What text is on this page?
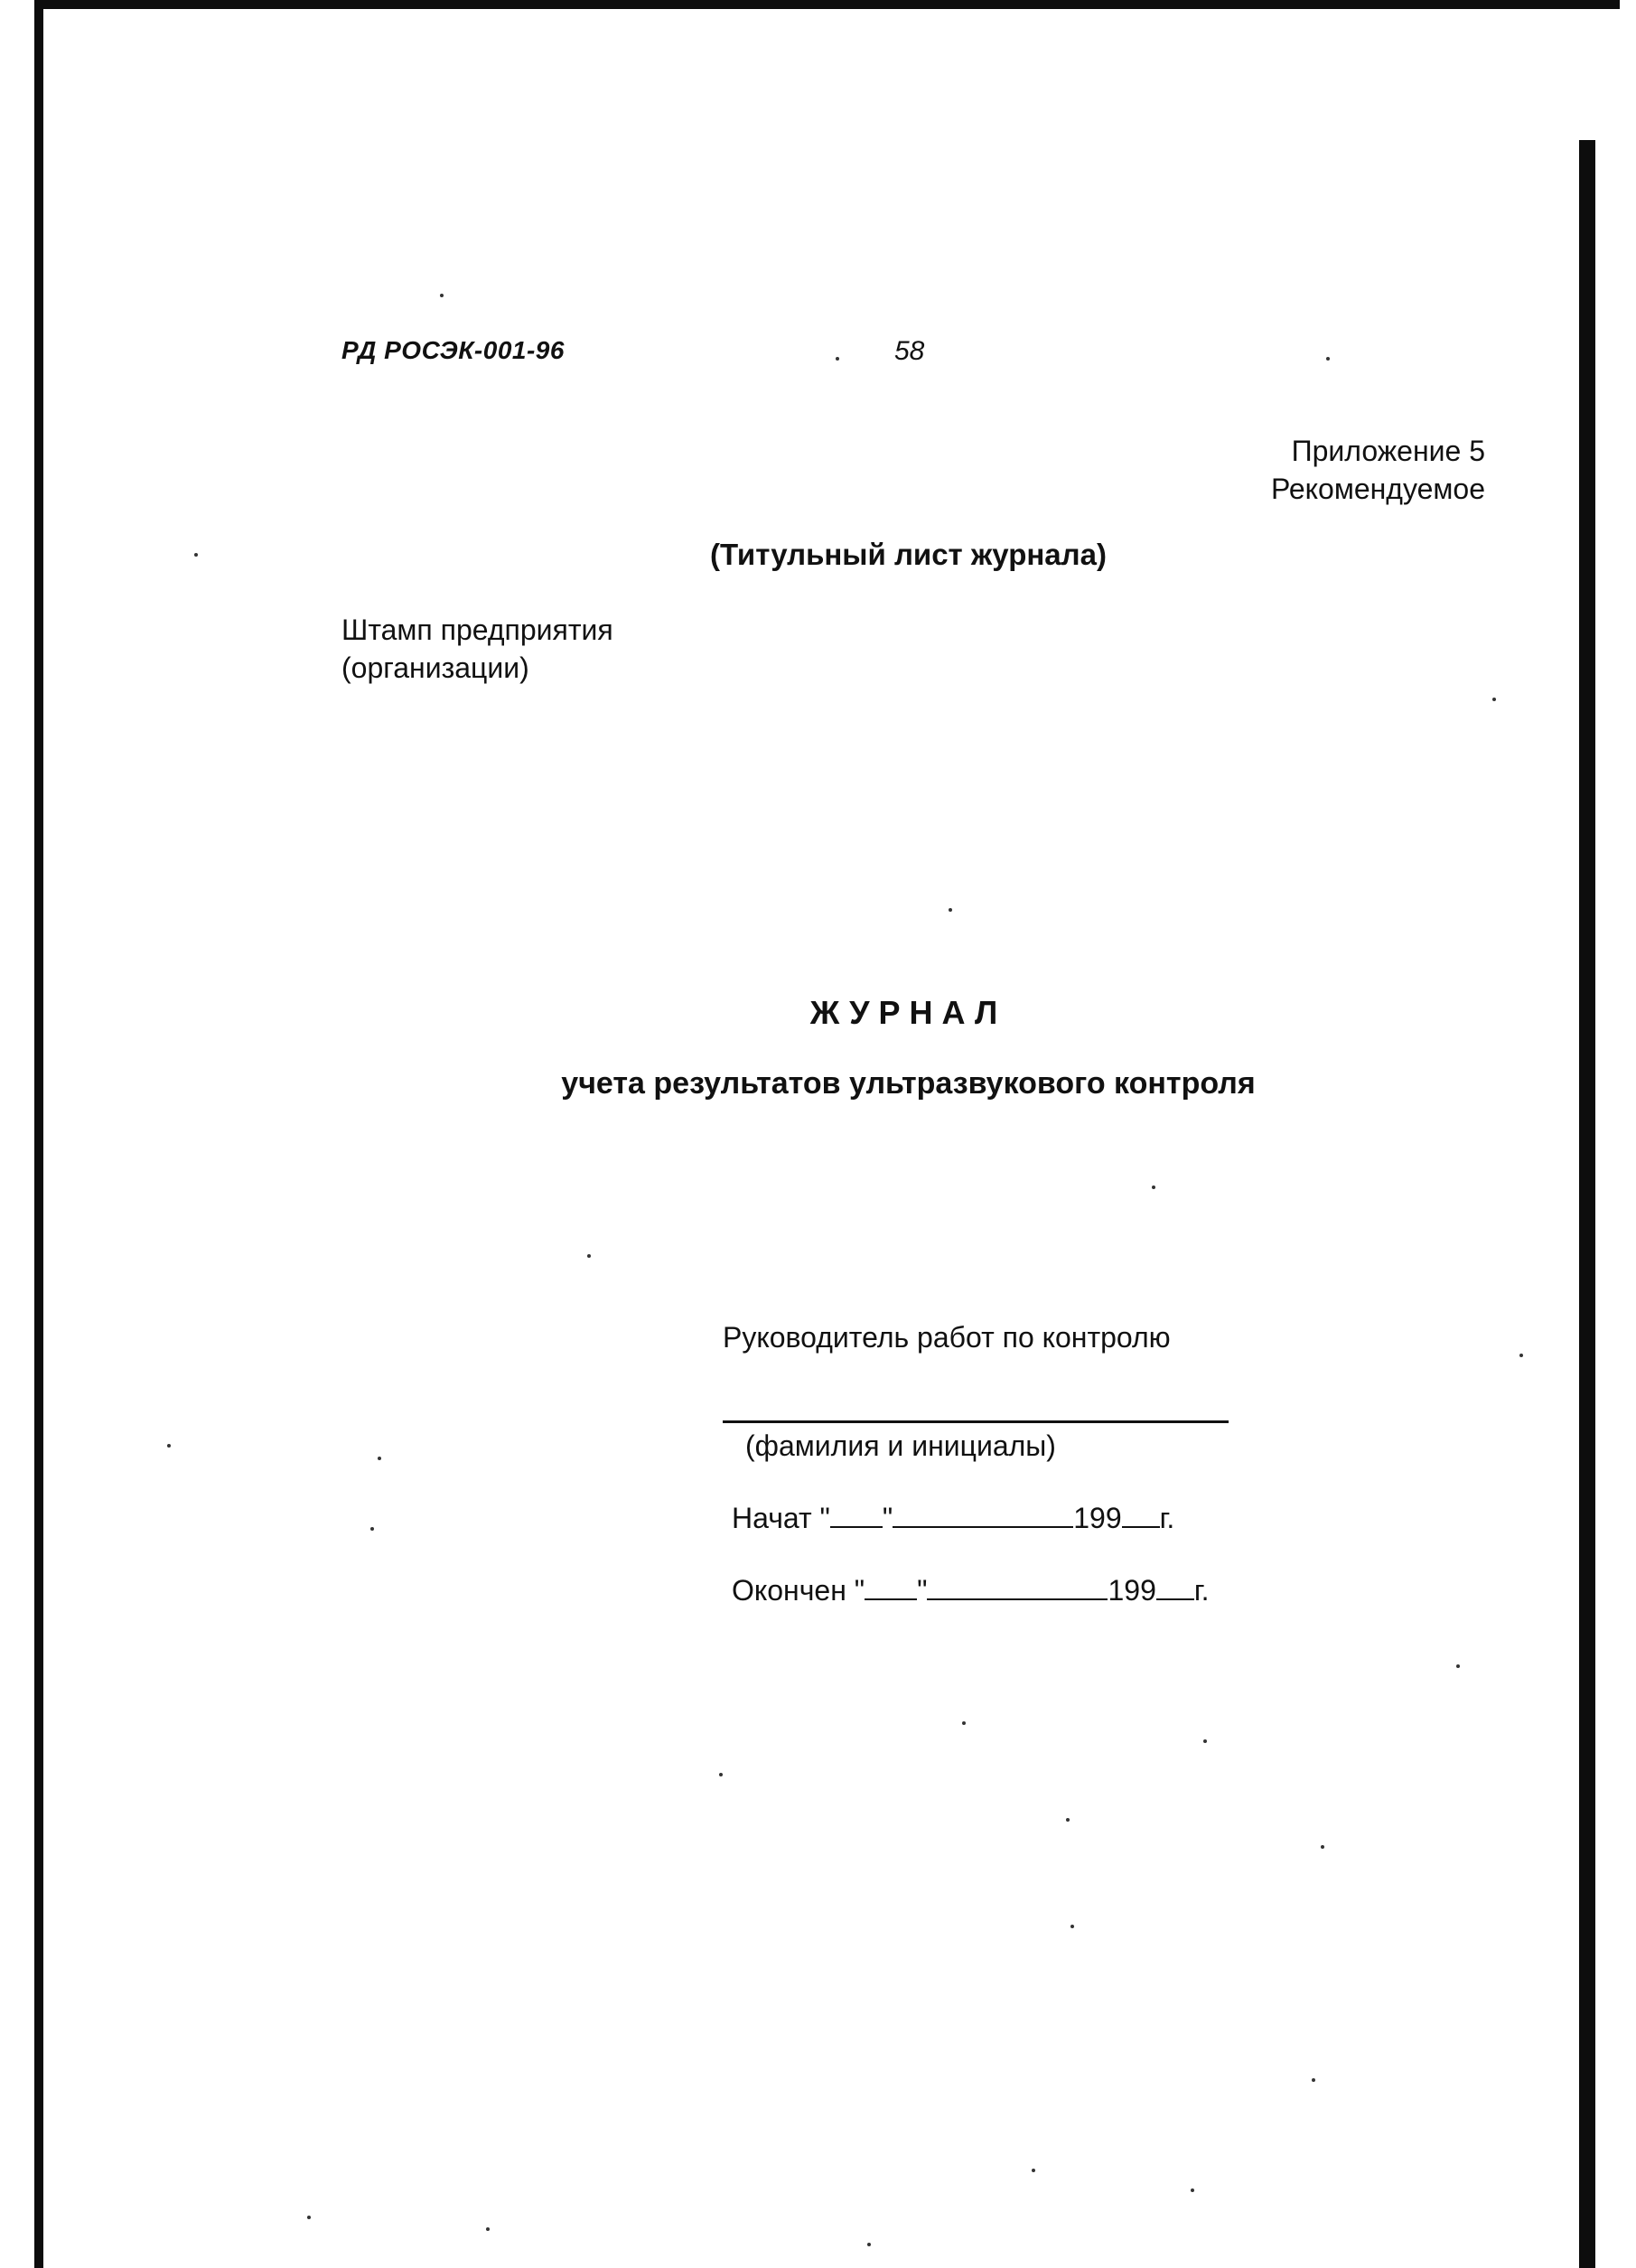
РД РОСЭК-001-96	58
Приложение 5
Рекомендуемое
(Титульный лист журнала)
Штамп предприятия
(организации)
ЖУРНАЛ
учета результатов ультразвукового контроля
Руководитель работ по контролю
(фамилия и инициалы)
Начат " "	199 г.
Окончен " "	199 г.
